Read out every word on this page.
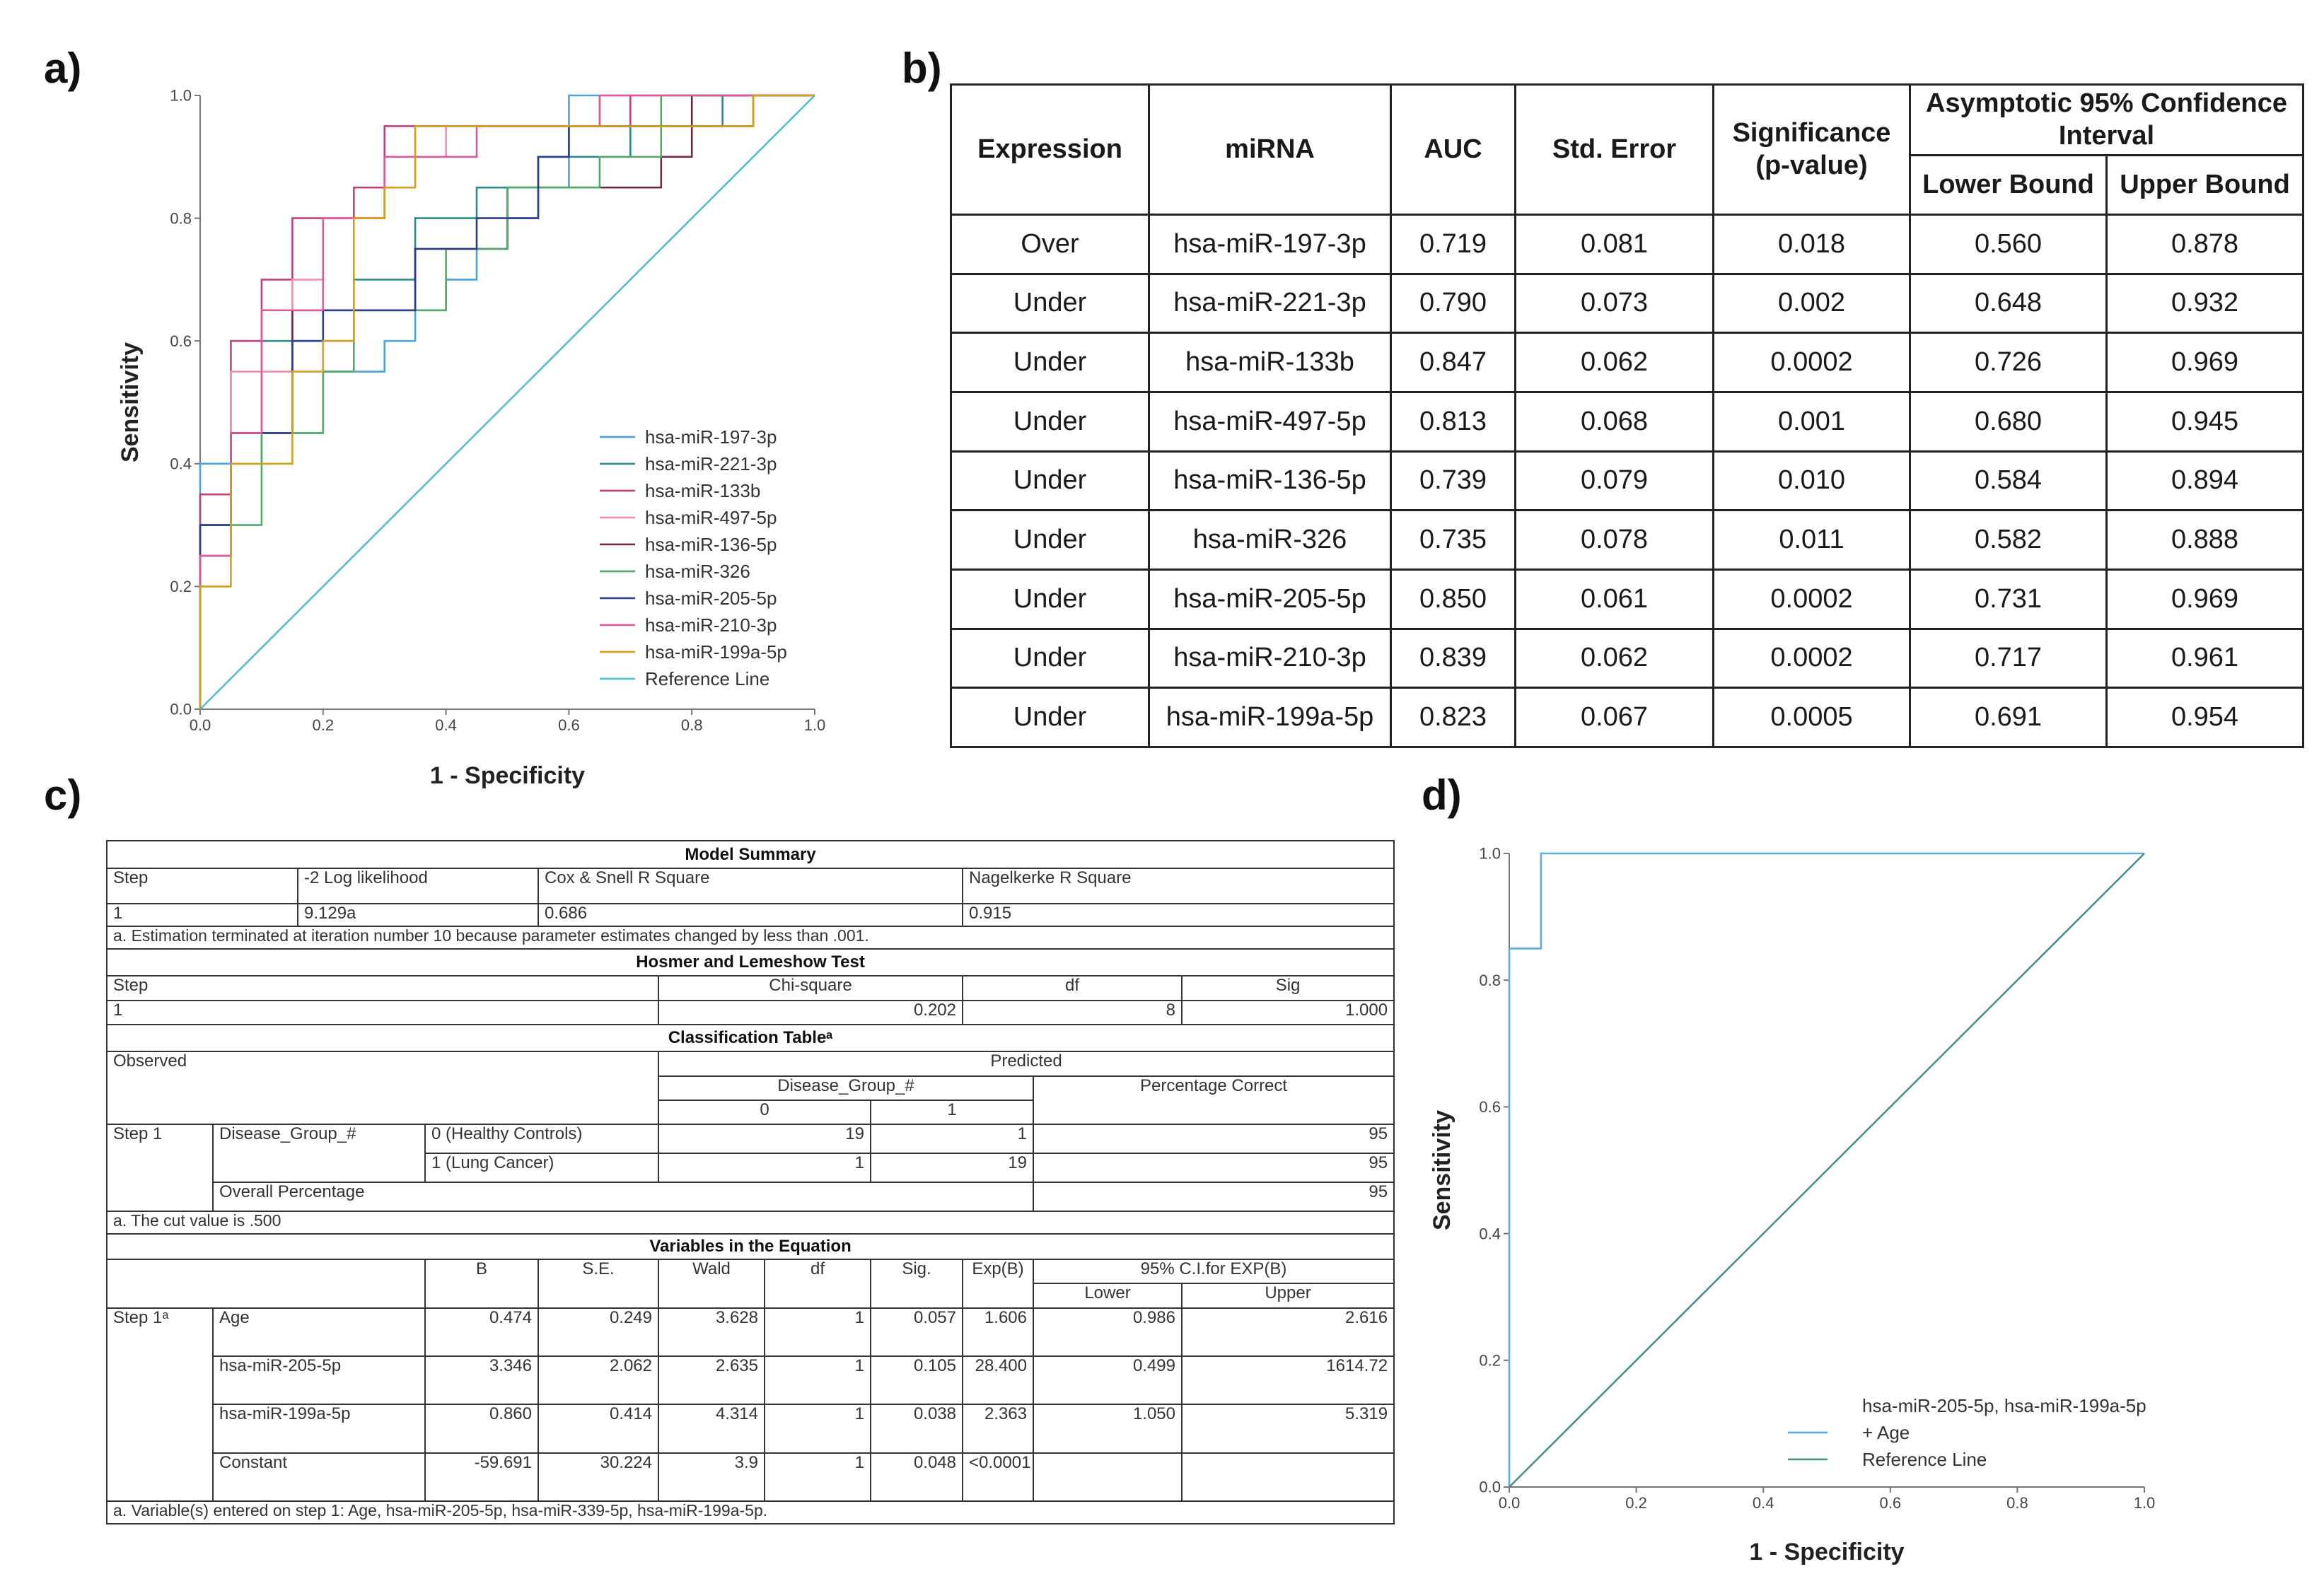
a)	b)
c)	d)
0.0	0.2	0.4	0.6	0.8	1.0
0.0
0.2
0.4
0.6
0.8
1.0
1 - Specificity
Sensitivity	hsa-miR-197-3p
hsa-miR-221-3p
hsa-miR-133b
hsa-miR-497-5p
hsa-miR-136-5p
hsa-miR-326
hsa-miR-205-5p
hsa-miR-210-3p
hsa-miR-199a-5p
Reference Line
0.0	0.2	0.4	0.6	0.8	1.0
0.0
0.2
0.4
0.6
0.8
1.0
1 - Specificity
Sensitivity
hsa-miR-205-5p, hsa-miR-199a-5p
+ Age
Reference Line
Expression	miRNA	AUC	Std. Error	Significance (p-value)	Asymptotic 95% Confidence Interval	
					Lower Bound	Upper Bound
Over	hsa-miR-197-3p	0.719	0.081	0.018	0.560	0.878
Under	hsa-miR-221-3p	0.790	0.073	0.002	0.648	0.932
Under	hsa-miR-133b	0.847	0.062	0.0002	0.726	0.969
Under	hsa-miR-497-5p	0.813	0.068	0.001	0.680	0.945
Under	hsa-miR-136-5p	0.739	0.079	0.010	0.584	0.894
Under	hsa-miR-326	0.735	0.078	0.011	0.582	0.888
Under	hsa-miR-205-5p	0.850	0.061	0.0002	0.731	0.969
Under	hsa-miR-210-3p	0.839	0.062	0.0002	0.717	0.961
Under	hsa-miR-199a-5p	0.823	0.067	0.0005	0.691	0.954
Model Summary										
Step		-2 Log likelihood		Cox & Snell R Square				Nagelkerke R Square		
1		9.129a		0.686				0.915		
a. Estimation terminated at iteration number 10 because parameter estimates changed by less than .001.										
Hosmer and Lemeshow Test										
Step					Chi-square			df		Sig
1					0.202			8		1.000
Classification Tableᵃ										
Observed					Predicted					
					Disease_Group_#				Percentage Correct	
					0		1			
Step 1	Disease_Group_#		0 (Healthy Controls)		19		1		95	
			1 (Lung Cancer)		1		19		95	
	Overall Percentage								95	
a. The cut value is .500										
Variables in the Equation										
			B	S.E.	Wald	df	Sig.	Exp(B)	95% C.I.for EXP(B)	
									Lower	Upper
Step 1ᵃ	Age		0.474	0.249	3.628	1	0.057	1.606	0.986	2.616
	hsa-miR-205-5p		3.346	2.062	2.635	1	0.105	28.400	0.499	1614.72
	hsa-miR-199a-5p		0.860	0.414	4.314	1	0.038	2.363	1.050	5.319
	Constant		-59.691	30.224	3.9	1	0.048	<0.0001		
a. Variable(s) entered on step 1: Age, hsa-miR-205-5p, hsa-miR-339-5p, hsa-miR-199a-5p.										
